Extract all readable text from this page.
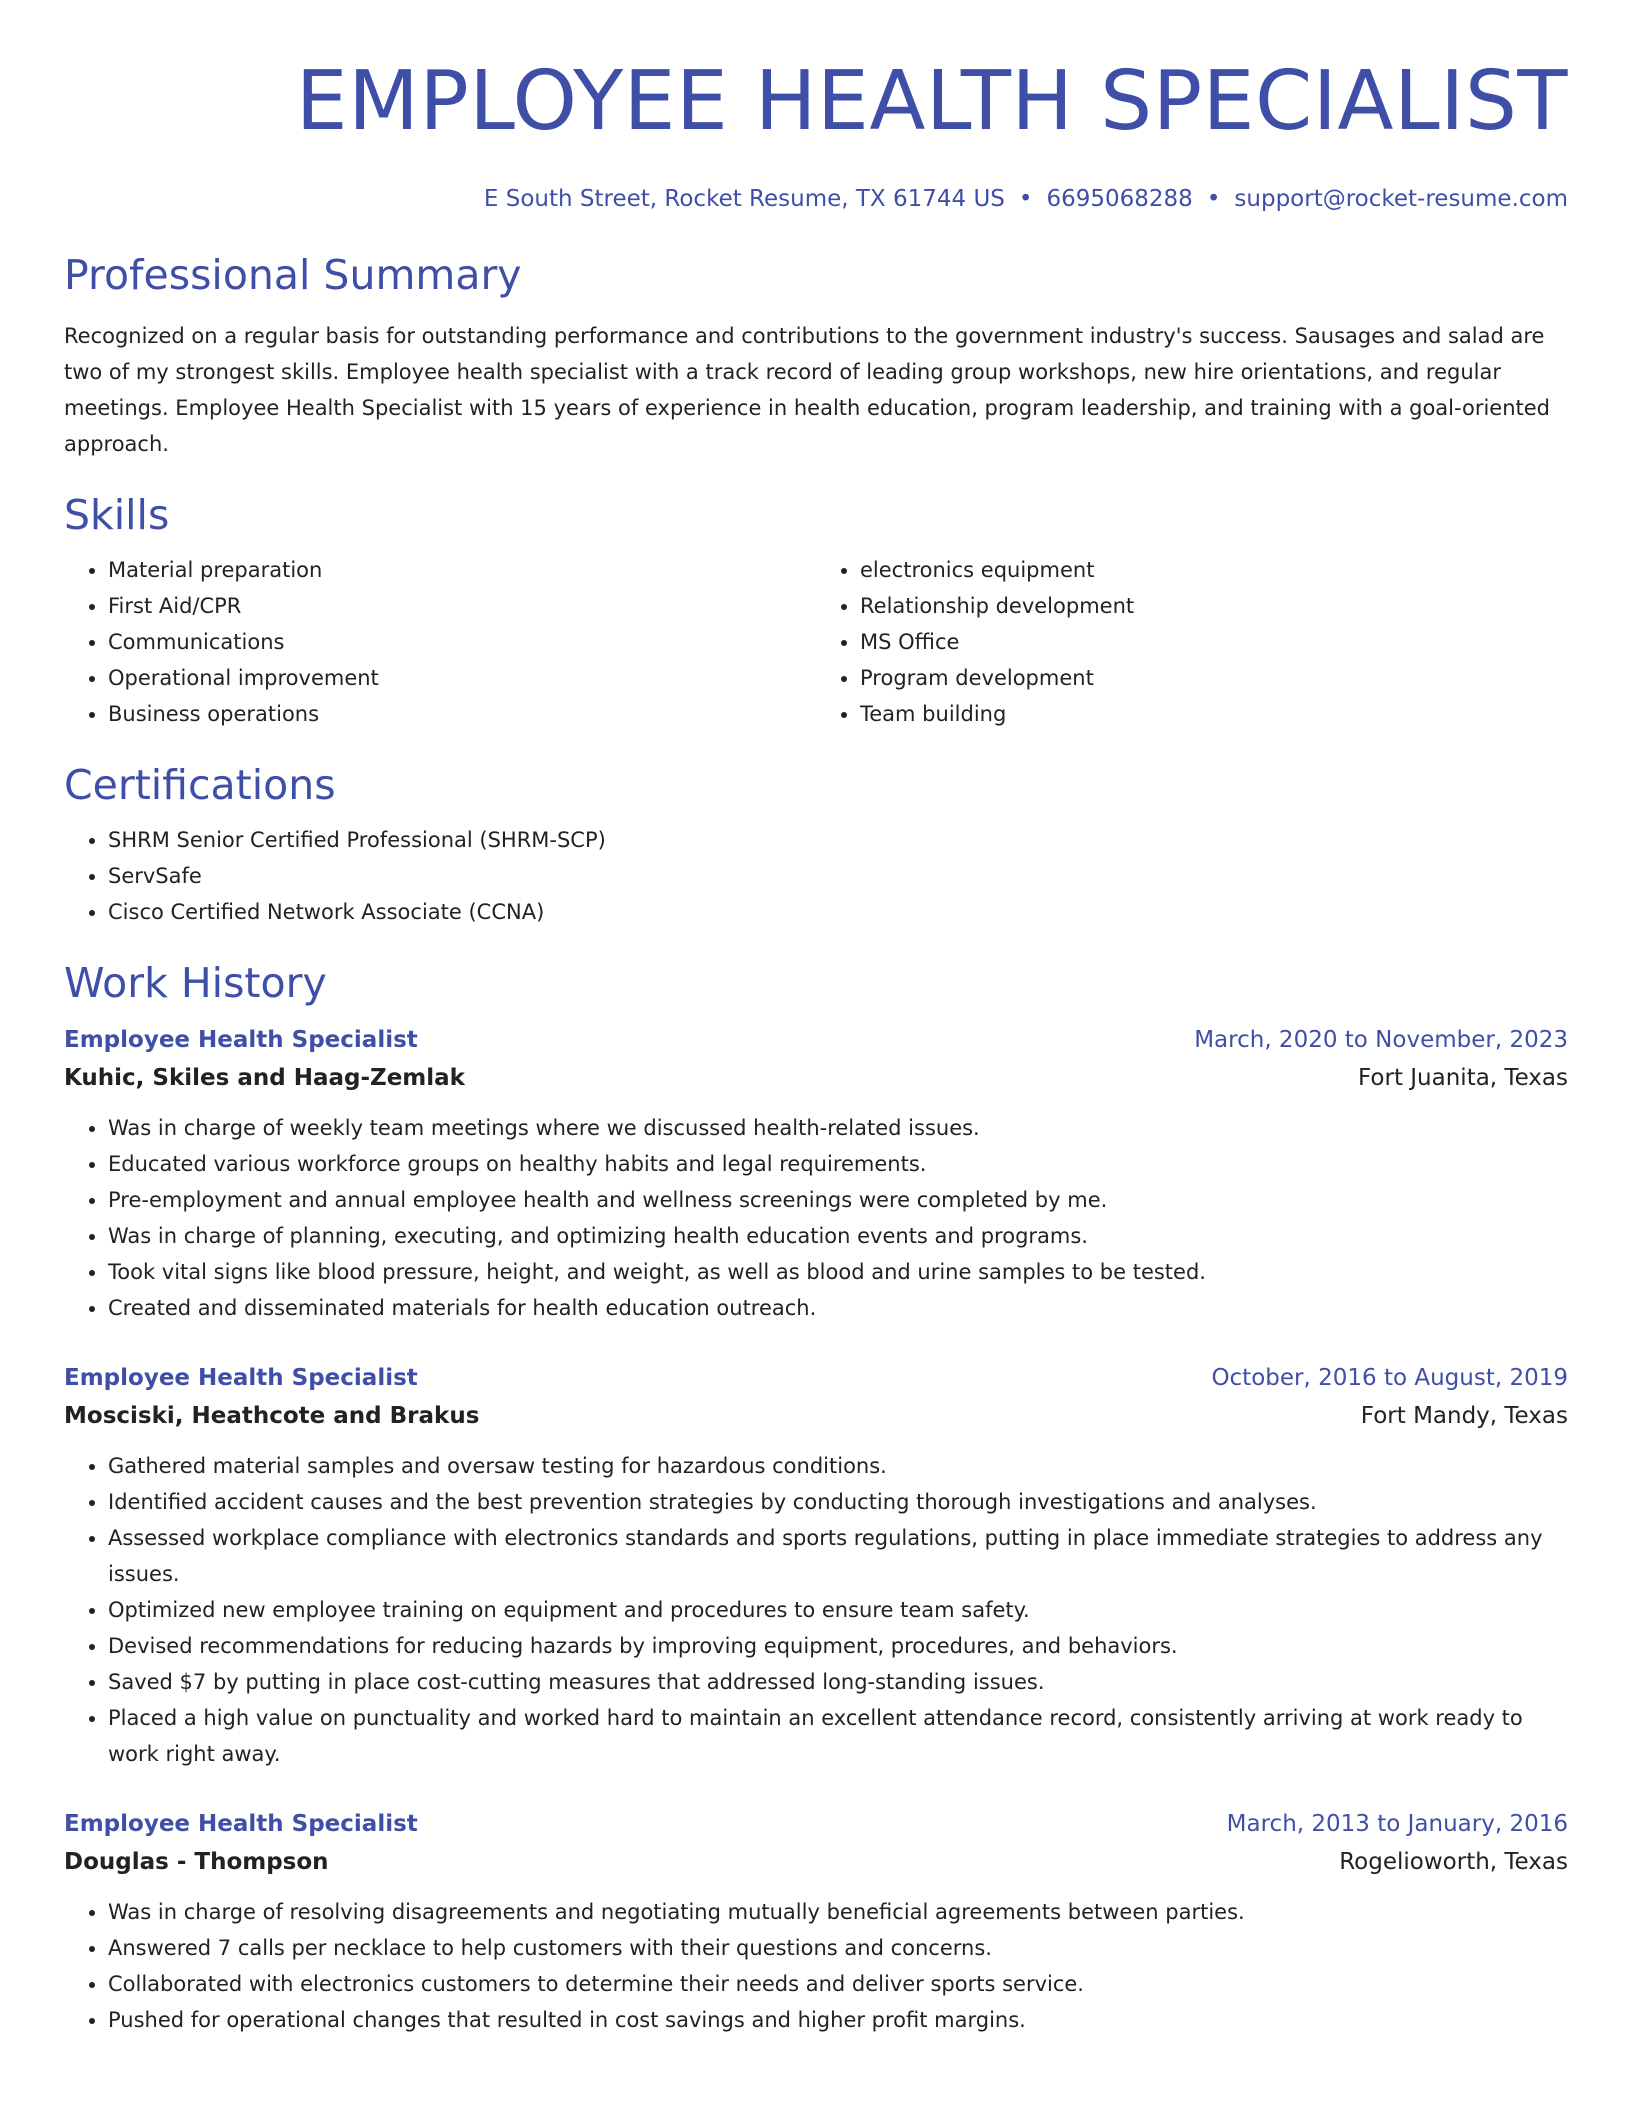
EMPLOYEE HEALTH SPECIALIST
E South Street, Rocket Resume, TX 61744 US • 6695068288 • support@rocket-resume.com
Professional Summary
Recognized on a regular basis for outstanding performance and contributions to the government industry's success. Sausages and salad are two of my strongest skills. Employee health specialist with a track record of leading group workshops, new hire orientations, and regular meetings. Employee Health Specialist with 15 years of experience in health education, program leadership, and training with a goal-oriented approach.
Skills
• Material preparation
• First Aid/CPR
• Communications
• Operational improvement
• Business operations
• electronics equipment
• Relationship development
• MS Office
• Program development
• Team building
Certifications
• SHRM Senior Certified Professional (SHRM-SCP)
• ServSafe
• Cisco Certified Network Associate (CCNA)
Work History
Employee Health Specialist	March, 2020 to November, 2023
Kuhic, Skiles and Haag-Zemlak	Fort Juanita, Texas
• Was in charge of weekly team meetings where we discussed health-related issues.
• Educated various workforce groups on healthy habits and legal requirements.
• Pre-employment and annual employee health and wellness screenings were completed by me.
• Was in charge of planning, executing, and optimizing health education events and programs.
• Took vital signs like blood pressure, height, and weight, as well as blood and urine samples to be tested.
• Created and disseminated materials for health education outreach.
Employee Health Specialist	October, 2016 to August, 2019
Mosciski, Heathcote and Brakus	Fort Mandy, Texas
• Gathered material samples and oversaw testing for hazardous conditions.
• Identified accident causes and the best prevention strategies by conducting thorough investigations and analyses.
• Assessed workplace compliance with electronics standards and sports regulations, putting in place immediate strategies to address any issues.
• Optimized new employee training on equipment and procedures to ensure team safety.
• Devised recommendations for reducing hazards by improving equipment, procedures, and behaviors.
• Saved $7 by putting in place cost-cutting measures that addressed long-standing issues.
• Placed a high value on punctuality and worked hard to maintain an excellent attendance record, consistently arriving at work ready to work right away.
Employee Health Specialist	March, 2013 to January, 2016
Douglas - Thompson	Rogelioworth, Texas
• Was in charge of resolving disagreements and negotiating mutually beneficial agreements between parties.
• Answered 7 calls per necklace to help customers with their questions and concerns.
• Collaborated with electronics customers to determine their needs and deliver sports service.
• Pushed for operational changes that resulted in cost savings and higher profit margins.
